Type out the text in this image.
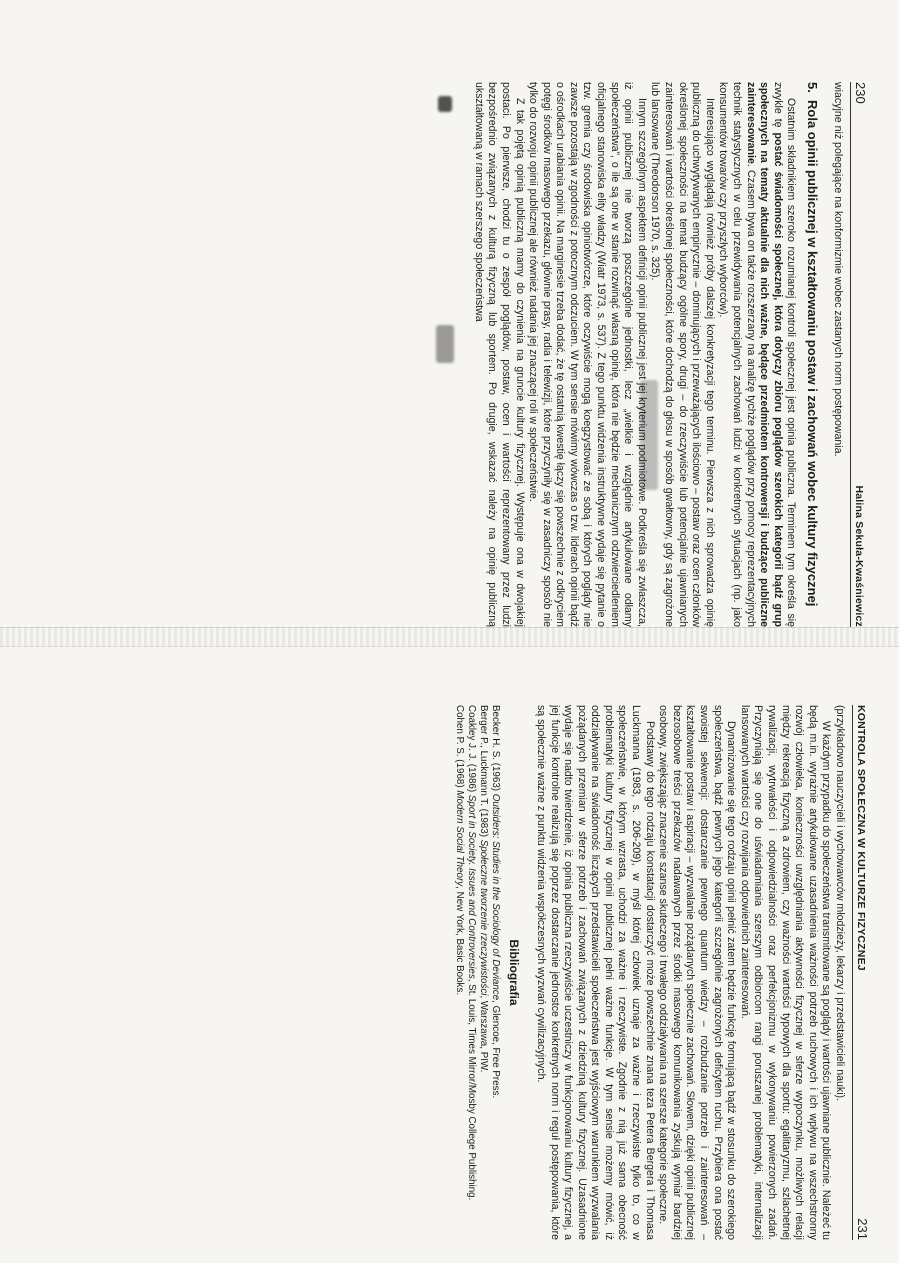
230
Halina Sekuła-Kwaśniewicz

wiacyjne niż polegające na konformizmie wobec zastanych norm postępowania.

5.
Rola opinii publicznej w kształtowaniu postaw i zachowań wobec kultury fizycznej

Ostatnim składnikiem szeroko rozumianej kontroli społecznej jest opinia publiczna. Terminem tym określa się zwykle tę postać świadomości społecznej, która dotyczy zbioru poglądów szerokich kategorii bądź grup społecznych na tematy aktualnie dla nich ważne, będące przedmiotem kontrowersji i budzące publiczne zainteresowanie. Czasem bywa on także rozszerzany na analizę tychże poglądów przy pomocy reprezentacyjnych technik statystycznych w celu przewidywania potencjalnych zachowań ludzi w konkretnych sytuacjach (np. jako konsumentów towarów czy przyszłych wyborców).

Interesująco wyglądają również próby dalszej konkretyzacji tego terminu. Pierwsza z nich sprowadza opinię publiczną do uchwytywanych empirycznie – dominujących i przeważających ilościowo – postaw oraz ocen członków określonej społeczności na temat budzący ogólne spory, drugi – do rzeczywiście lub potencjalnie ujawnianych zainteresowań i wartości określonej społeczności, które dochodzą do głosu w sposób gwałtowny, gdy są zagrożone lub lansowane (Theodorson 1970, s. 325).

Innym szczególnym aspektem definicji opinii publicznej jest jej kryterium podmiotowe. Podkreśla się zwłaszcza, iż opinii publicznej nie tworzą poszczególne jednostki, lecz „wielkie i względnie artykułowane odłamy społeczeństwa”, o ile są one w stanie rozwinąć własną opinię, która nie będzie mechanicznym odzwierciedleniem oficjalnego stanowiska elity władzy (Wiatr 1973, s. 537). Z tego punktu widzenia instruktywne wydaje się pytanie o tzw. gremia czy środowiska opiniotwórcze, które oczywiście mogą koegzystować ze sobą i których poglądy nie zawsze pozostają w zgodności z potocznym odczuciem. W tym sensie mówimy wówczas o tzw. liderach opinii bądź o ośrodkach urabiania opinii. Na marginesie trzeba dodać, że tę ostatnią kwestię łączy się powszechnie z odkryciem potęgi środków masowego przekazu, głównie prasy, radia i telewizji, które przyczyniły się w zasadniczy sposób nie tylko do rozwoju opinii publicznej ale również nadania jej znaczącej roli w społeczeństwie.

Z tak pojętą opinią publiczną mamy do czynienia na gruncie kultury fizycznej. Występuje ona w dwojakiej postaci. Po pierwsze, chodzi tu o zespół poglądów, postaw, ocen i wartości reprezentowany przez ludzi bezpośrednio związanych z kulturą fizyczną lub sportem. Po drugie, wskazać należy na opinię publiczną ukształtowaną w ramach szerszego społeczeństwa

KONTROLA SPOŁECZNA W KULTURZE FIZYCZNEJ
231

(przykładowo nauczycieli i wychowawców młodzieży, lekarzy i przedstawicieli nauki).

W każdym przypadku do społeczeństwa transmitowane są poglądy i wartości ujawniane publicznie. Należeć tu będą m.in. wyrażnie artykułowane uzasadnienia ważności potrzeb ruchowych i ich wpływu na wszechstronny rozwój człowieka, konieczności uwzględniania aktywności fizycznej w sferze wypoczynku, możliwych relacji między rekreacją fizyczną a zdrowiem, czy ważności wartości typowych dla sportu: egalitaryzmu, szlachetnej rywalizacji, wytrwałości i odpowiedzialności oraz perfekcjonizmu w wykonywaniu powierzonych zadań. Przyczyniają się one do uświadamiania szerszym odbiorcom rangi poruszanej problematyki, internalizacji lansowanych wartości czy rozwijania odpowiednich zainteresowań.

Dynamizowanie się tego rodzaju opinii pełnić zatem będzie funkcję formującą bądź w stosunku do szerokiego społeczeństwa, bądź pewnych jego kategorii szczególnie zagrożonych deficytem ruchu. Przybiera ona postać swoistej sekwencji: dostarczanie pewnego quantum wiedzy – rozbudzanie potrzeb i zainteresowań – kształtowanie postaw i aspiracji – wyzwalanie pożądanych społecznie zachowań. Słowem, dzięki opinii publicznej bezosobowe treści przekazów nadawanych przez środki masowego komunikowania zyskują wymiar bardziej osobowy, zwiększając znaczenie szanse skuteczego i trwałego oddziaływania na szersze kategorie społeczne.

Podstawy do tego rodzaju konstatacji dostarczyć może powszechnie znana teza Petera Bergera i Thomasa Luckmanna (1983, s. 206-209), w myśl której człowiek uznaje za ważne i rzeczywiste tylko to, co w społeczeństwie, w którym wzrasta, uchodzi za ważne i rzeczywiste. Zgodnie z nią już sama obecność problematyki kultury fizycznej w opinii publicznej pełni ważne funkcje. W tym sensie możemy mówić, iż oddziaływanie na świadomość liczących przedstawicieli społeczeństwa jest wyjściowym warunkiem wyzwalania pożądanych przemian w sferze potrzeb i zachowań związanych z dziedziną kultury fizycznej. Uzasadnione wydaje się nadto twierdzenie, iż opinia publiczna rzeczywiście uczestniczy w funkcjonowaniu kultury fizycznej, a jej funkcje kontrolne realizują się poprzez dostarczanie jednostce konkretnych norm i reguł postępowania, które są społecznie ważne z punktu widzenia współczesnych wyzwań cywilizacyjnych.

Bibliografia

Becker H. S. (1963) Outsiders: Studies in the Sociology of Deviance, Glencoe, Free Press.

Berger P., Luckmann T. (1983) Społeczne tworzenie rzeczywistości, Warszawa, PIW.

Coakley J. J. (1986) Sport in Society. Issues and Controversies, St. Louis, Times Mirror/Mosby College Publishing.

Cohen P. S. (1968) Modern Social Theory, New York, Basic Books.
